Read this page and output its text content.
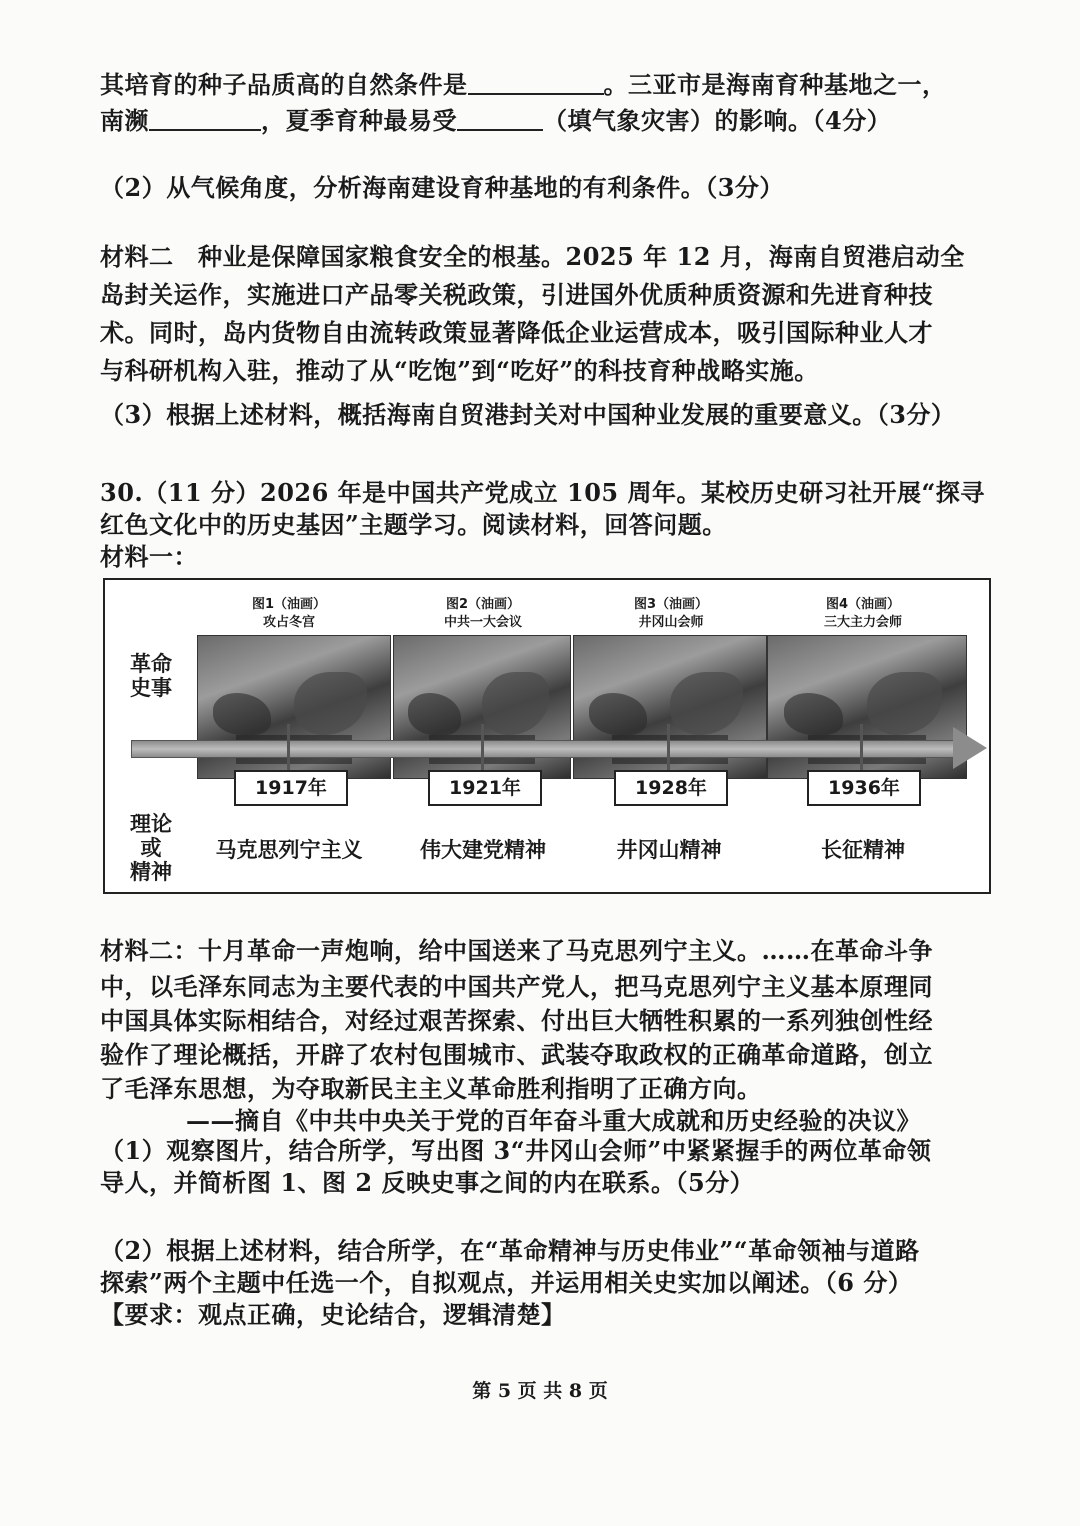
其培育的种子品质高的自然条件是	。三亚市是海南育种基地之一，
南濒	，夏季育种最易受	（填气象灾害）的影响。（4分）
（2）从气候角度，分析海南建设育种基地的有利条件。（3分）
材料二　种业是保障国家粮食安全的根基。2025 年 12 月，海南自贸港启动全
岛封关运作，实施进口产品零关税政策，引进国外优质种质资源和先进育种技
术。同时，岛内货物自由流转政策显著降低企业运营成本，吸引国际种业人才
与科研机构入驻，推动了从“吃饱”到“吃好”的科技育种战略实施。
（3）根据上述材料，概括海南自贸港封关对中国种业发展的重要意义。（3分）
30.（11 分）2026 年是中国共产党成立 105 周年。某校历史研习社开展“探寻
红色文化中的历史基因”主题学习。阅读材料，回答问题。
材料一：
革命
史事
理论
或
精神
图1（油画）
攻占冬宫
图2（油画）
中共一大会议
图3（油画）
井冈山会师
图4（油画）
三大主力会师
1917年	1921年	1928年	1936年
马克思列宁主义	伟大建党精神	井冈山精神	长征精神
材料二：十月革命一声炮响，给中国送来了马克思列宁主义。……在革命斗争
中，以毛泽东同志为主要代表的中国共产党人，把马克思列宁主义基本原理同
中国具体实际相结合，对经过艰苦探索、付出巨大牺牲积累的一系列独创性经
验作了理论概括，开辟了农村包围城市、武装夺取政权的正确革命道路，创立
了毛泽东思想，为夺取新民主主义革命胜利指明了正确方向。
——摘自《中共中央关于党的百年奋斗重大成就和历史经验的决议》
（1）观察图片，结合所学，写出图 3“井冈山会师”中紧紧握手的两位革命领
导人，并简析图 1、图 2 反映史事之间的内在联系。（5分）
（2）根据上述材料，结合所学，在“革命精神与历史伟业”“革命领袖与道路
探索”两个主题中任选一个，自拟观点，并运用相关史实加以阐述。（6 分）
【要求：观点正确，史论结合，逻辑清楚】
第 5 页 共 8 页
